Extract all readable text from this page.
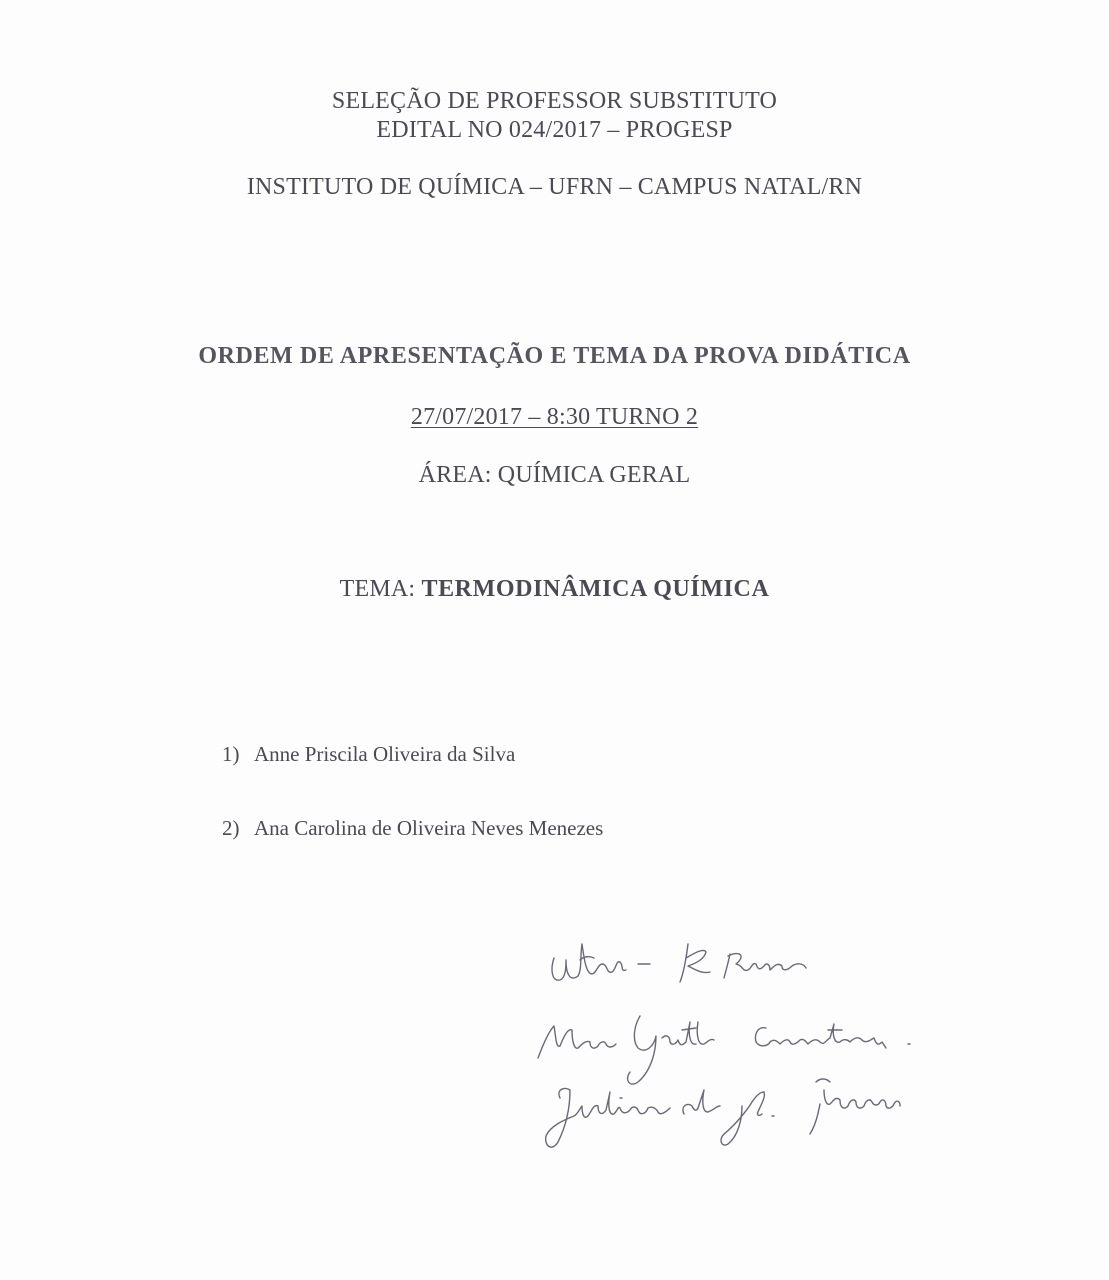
SELEÇÃO DE PROFESSOR SUBSTITUTO
EDITAL NO 024/2017 – PROGESP
INSTITUTO DE QUÍMICA – UFRN – CAMPUS NATAL/RN
ORDEM DE APRESENTAÇÃO E TEMA DA PROVA DIDÁTICA
27/07/2017 – 8:30 TURNO 2
ÁREA: QUÍMICA GERAL
TEMA: TERMODINÂMICA QUÍMICA
1) Anne Priscila Oliveira da Silva
2) Ana Carolina de Oliveira Neves Menezes
